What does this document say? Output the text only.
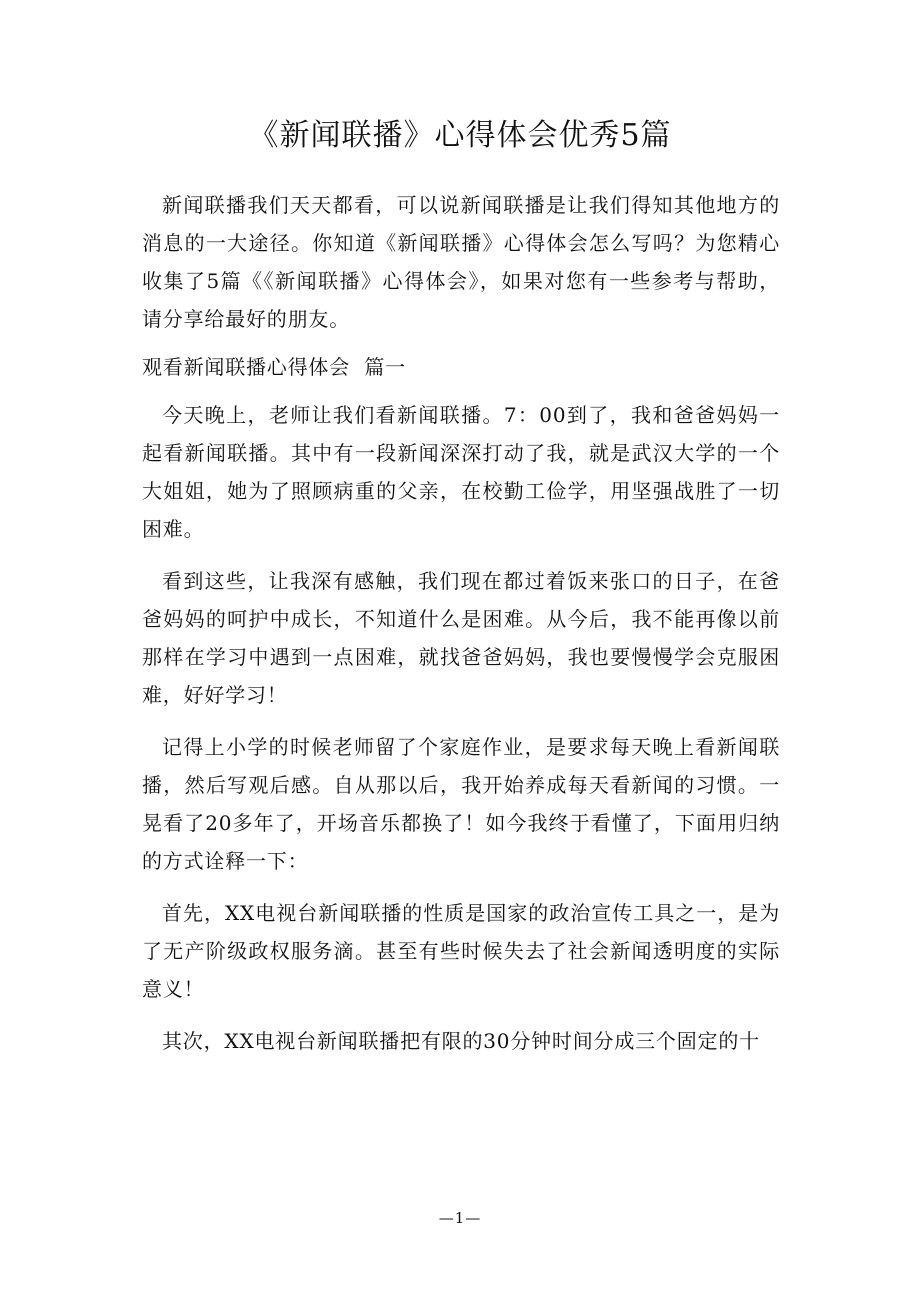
《新闻联播》心得体会优秀5篇

新闻联播我们天天都看，可以说新闻联播是让我们得知其他地方的消息的一大途径。你知道《新闻联播》心得体会怎么写吗？为您精心收集了5篇《《新闻联播》心得体会》，如果对您有一些参考与帮助，请分享给最好的朋友。

观看新闻联播心得体会  篇一

今天晚上，老师让我们看新闻联播。7：00到了，我和爸爸妈妈一起看新闻联播。其中有一段新闻深深打动了我，就是武汉大学的一个大姐姐，她为了照顾病重的父亲，在校勤工俭学，用坚强战胜了一切困难。

看到这些，让我深有感触，我们现在都过着饭来张口的日子，在爸爸妈妈的呵护中成长，不知道什么是困难。从今后，我不能再像以前那样在学习中遇到一点困难，就找爸爸妈妈，我也要慢慢学会克服困难，好好学习！

记得上小学的时候老师留了个家庭作业，是要求每天晚上看新闻联播，然后写观后感。自从那以后，我开始养成每天看新闻的习惯。一晃看了20多年了，开场音乐都换了！如今我终于看懂了，下面用归纳的方式诠释一下：

首先，XX电视台新闻联播的性质是国家的政治宣传工具之一，是为了无产阶级政权服务滴。甚至有些时候失去了社会新闻透明度的实际意义！

其次，XX电视台新闻联播把有限的30分钟时间分成三个固定的十

—1—
